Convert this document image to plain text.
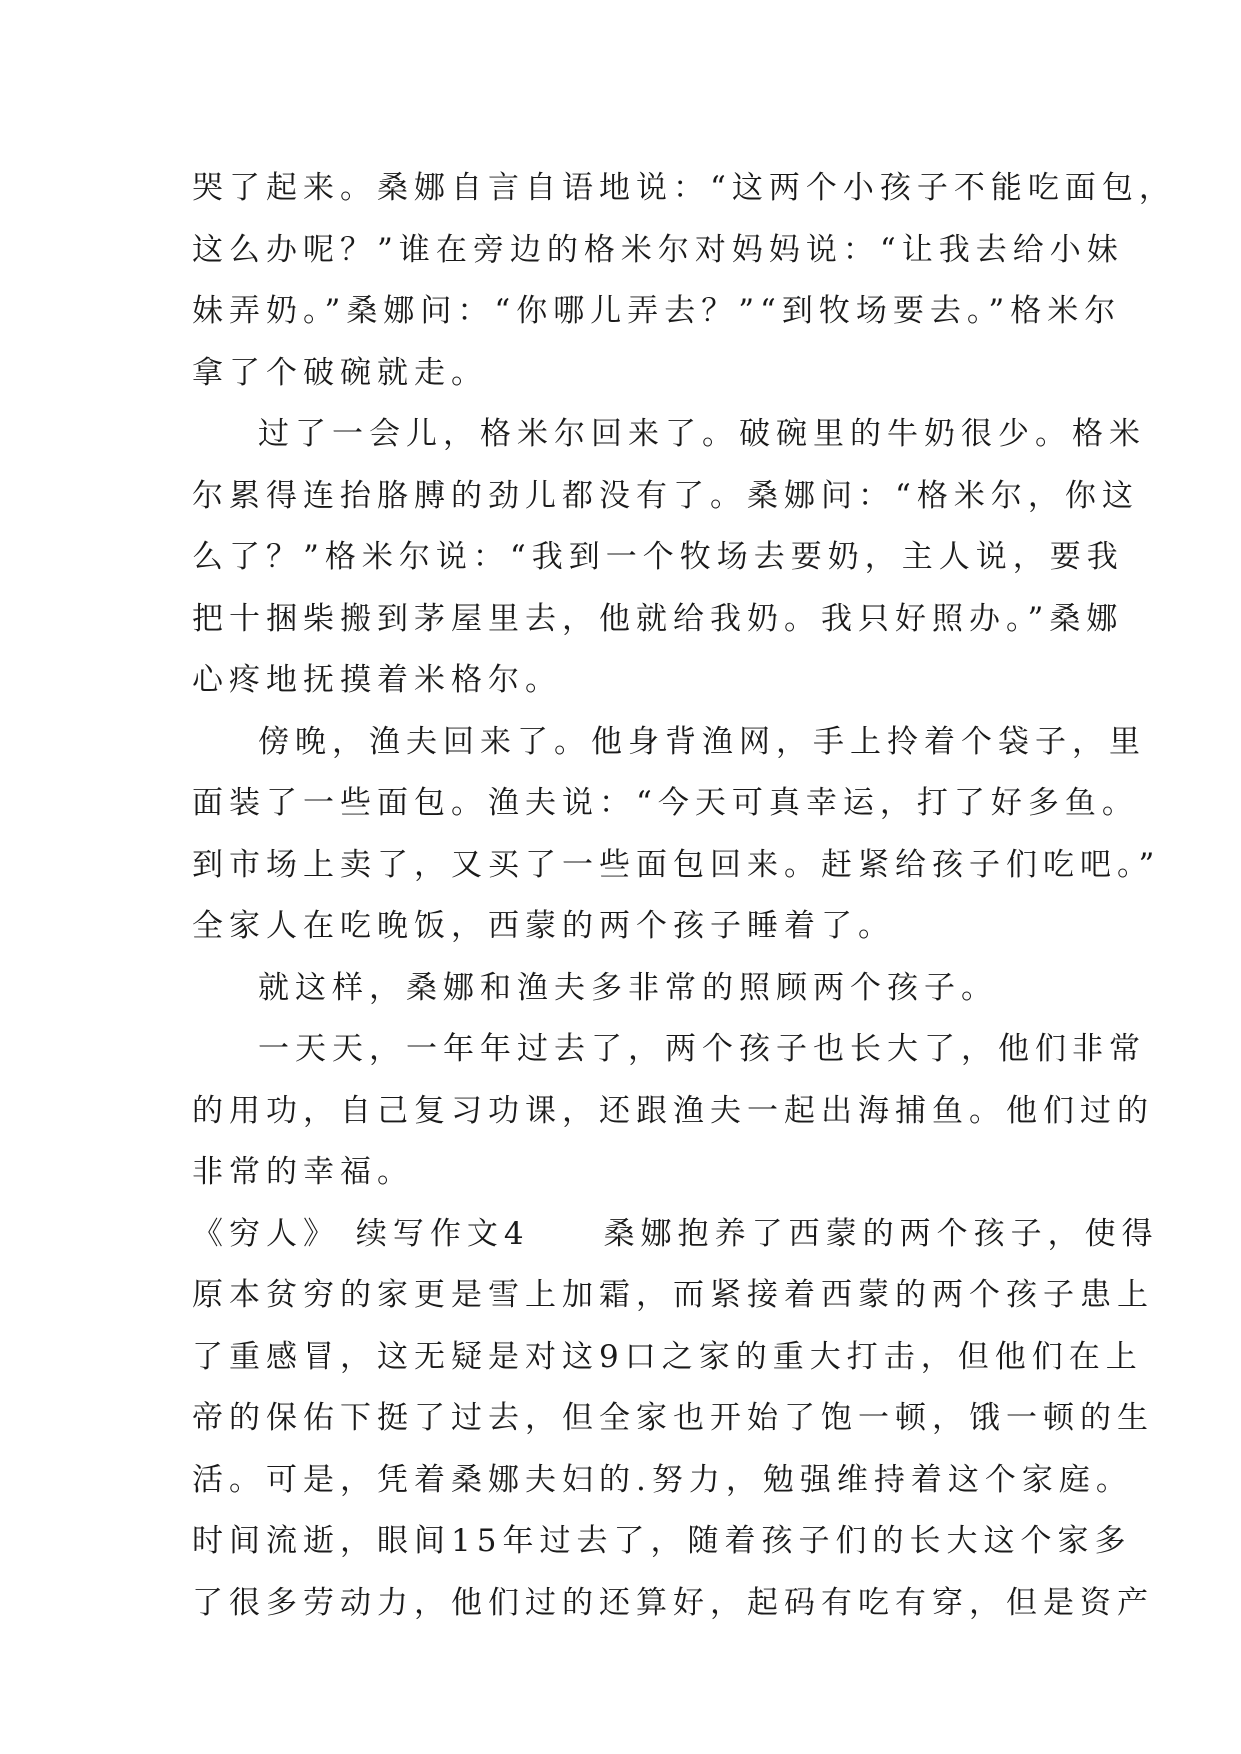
哭了起来。桑娜自言自语地说：“这两个小孩子不能吃面包，
这么办呢？”谁在旁边的格米尔对妈妈说：“让我去给小妹
妹弄奶。”桑娜问：“你哪儿弄去？”“到牧场要去。”格米尔
拿了个破碗就走。
过了一会儿，格米尔回来了。破碗里的牛奶很少。格米
尔累得连抬胳膊的劲儿都没有了。桑娜问：“格米尔，你这
么了？”格米尔说：“我到一个牧场去要奶，主人说，要我
把十捆柴搬到茅屋里去，他就给我奶。我只好照办。”桑娜
心疼地抚摸着米格尔。
傍晚，渔夫回来了。他身背渔网，手上拎着个袋子，里
面装了一些面包。渔夫说：“今天可真幸运，打了好多鱼。
到市场上卖了，又买了一些面包回来。赶紧给孩子们吃吧。”
全家人在吃晚饭，西蒙的两个孩子睡着了。
就这样，桑娜和渔夫多非常的照顾两个孩子。
一天天，一年年过去了，两个孩子也长大了，他们非常
的用功，自己复习功课，还跟渔夫一起出海捕鱼。他们过的
非常的幸福。
《穷人》 续写作文4　　桑娜抱养了西蒙的两个孩子，使得
原本贫穷的家更是雪上加霜，而紧接着西蒙的两个孩子患上
了重感冒，这无疑是对这9口之家的重大打击，但他们在上
帝的保佑下挺了过去，但全家也开始了饱一顿，饿一顿的生
活。可是，凭着桑娜夫妇的.努力，勉强维持着这个家庭。
时间流逝，眼间15年过去了，随着孩子们的长大这个家多
了很多劳动力，他们过的还算好，起码有吃有穿，但是资产
